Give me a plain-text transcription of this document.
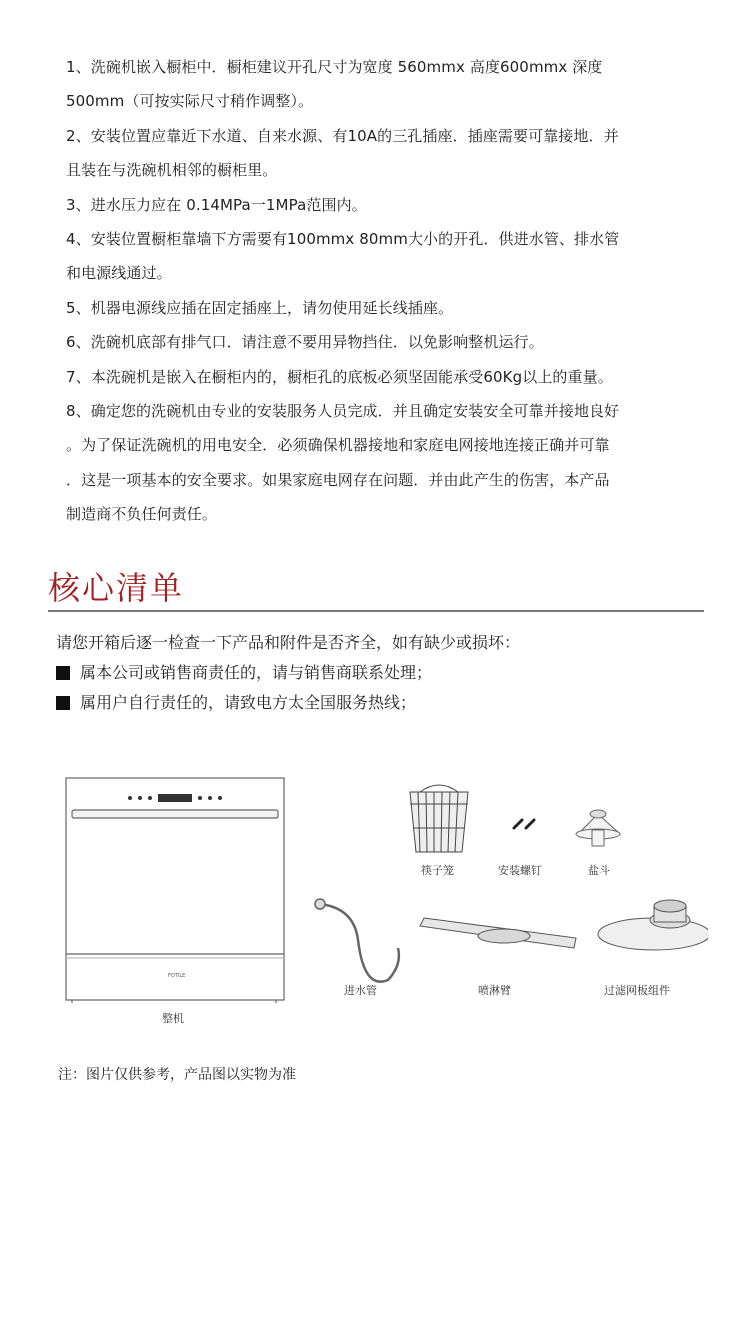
1、洗碗机嵌入橱柜中．橱柜建议开孔尺寸为宽度 560mmx 高度600mmx 深度
500mm（可按实际尺寸稍作调整）。
2、安装位置应靠近下水道、自来水源、有10A的三孔插座．插座需要可靠接地．并
且装在与洗碗机相邻的橱柜里。
3、进水压力应在 0.14MPa一1MPa范围内。
4、安装位置橱柜靠墙下方需要有100mmx 80mm大小的开孔．供进水管、排水管
和电源线通过。
5、机器电源线应插在固定插座上，请勿使用延长线插座。
6、洗碗机底部有排气口．请注意不要用异物挡住．以免影响整机运行。
7、本洗碗机是嵌入在橱柜内的，橱柜孔的底板必须坚固能承受60Kg以上的重量。
8、确定您的洗碗机由专业的安装服务人员完成．并且确定安装安全可靠并接地良好
。为了保证洗碗机的用电安全．必须确保机器接地和家庭电网接地连接正确并可靠
．这是一项基本的安全要求。如果家庭电网存在问题．并由此产生的伤害，本产品
制造商不负任何责任。
核心清单
请您开箱后逐一检查一下产品和附件是否齐全，如有缺少或损坏：
属本公司或销售商责任的，请与销售商联系处理；
属用户自行责任的，请致电方太全国服务热线；
FOTILE
整机
筷子笼	安装螺钉	盐斗
进水管	喷淋臂	过滤网板组件
注：图片仅供参考，产品图以实物为准
